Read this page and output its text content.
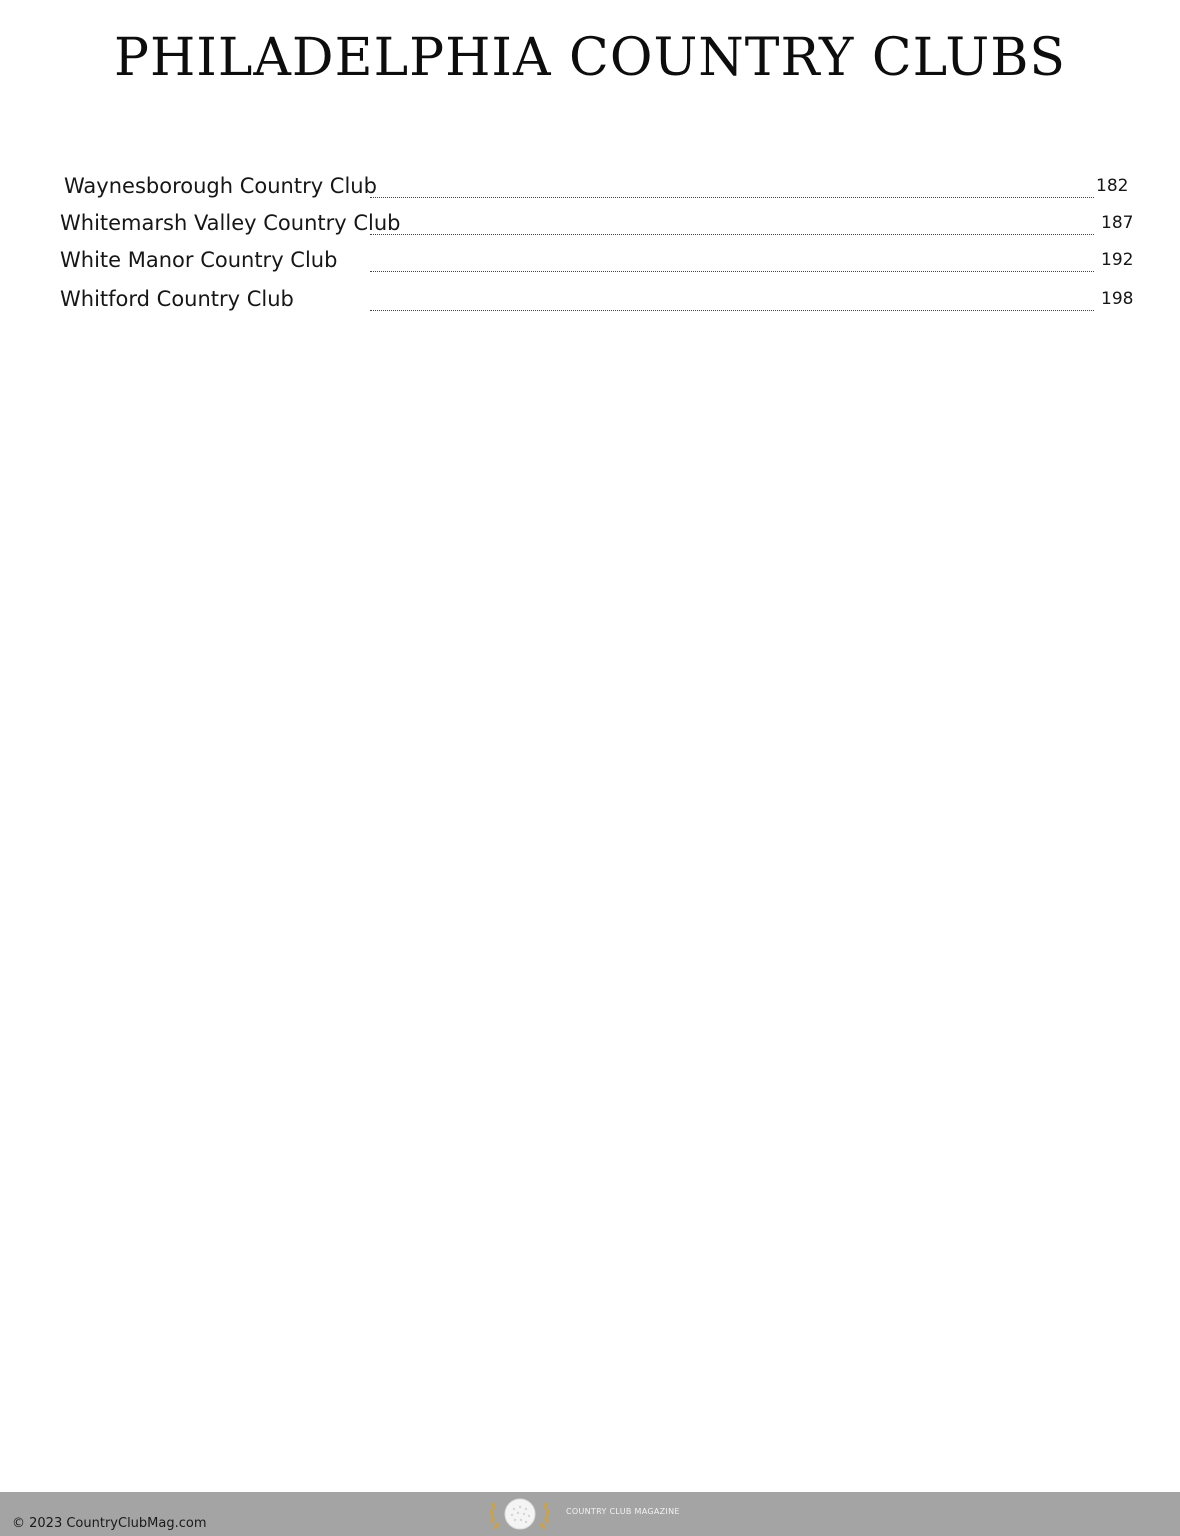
PHILADELPHIA COUNTRY CLUBS
Waynesborough Country Club	182
Whitemarsh Valley Country Club	187
White Manor Country Club	192
Whitford Country Club	198
© 2023 CountryClubMag.com
COUNTRY CLUB MAGAZINE
